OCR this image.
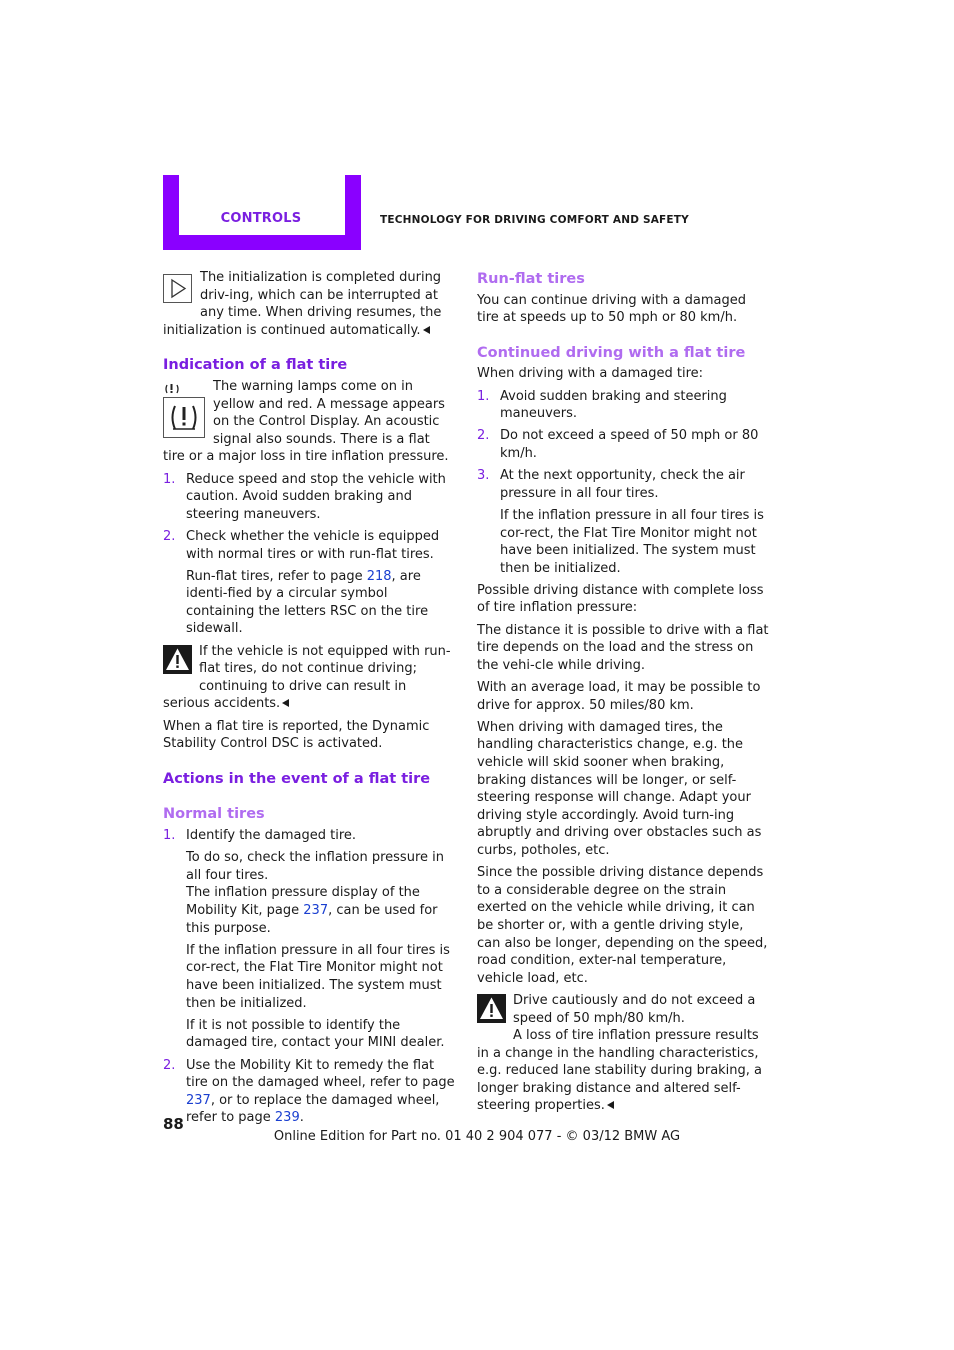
CONTROLS	TECHNOLOGY FOR DRIVING COMFORT AND SAFETY

The initialization is completed during driv-ing, which can be interrupted at any time. When driving resumes, the initialization is continued automatically.

Indication of a flat tire

The warning lamps come on in yellow and red. A message appears on the Control Display. An acoustic signal also sounds. There is a flat tire or a major loss in tire inflation pressure.

1. Reduce speed and stop the vehicle with caution. Avoid sudden braking and steering maneuvers.
2. Check whether the vehicle is equipped with normal tires or with run-flat tires.

Run-flat tires, refer to page 218, are identi-fied by a circular symbol containing the letters RSC on the tire sidewall.

If the vehicle is not equipped with run-flat tires, do not continue driving; continuing to drive can result in serious accidents.

When a flat tire is reported, the Dynamic Stability Control DSC is activated.

Actions in the event of a flat tire
Normal tires
1. Identify the damaged tire.

To do so, check the inflation pressure in all four tires.

The inflation pressure display of the Mobility Kit, page 237, can be used for this purpose.

If the inflation pressure in all four tires is cor-rect, the Flat Tire Monitor might not have been initialized. The system must then be initialized.

If it is not possible to identify the damaged tire, contact your MINI dealer.

2. Use the Mobility Kit to remedy the flat tire on the damaged wheel, refer to page 237, or to replace the damaged wheel, refer to page 239.
Run-flat tires

You can continue driving with a damaged tire at speeds up to 50 mph or 80 km/h.

Continued driving with a flat tire

When driving with a damaged tire:

1. Avoid sudden braking and steering maneuvers.
2. Do not exceed a speed of 50 mph or 80 km/h.
3. At the next opportunity, check the air pressure in all four tires.

If the inflation pressure in all four tires is cor-rect, the Flat Tire Monitor might not have been initialized. The system must then be initialized.

Possible driving distance with complete loss of tire inflation pressure:

The distance it is possible to drive with a flat tire depends on the load and the stress on the vehi-cle while driving.

With an average load, it may be possible to drive for approx. 50 miles/80 km.

When driving with damaged tires, the handling characteristics change, e.g. the vehicle will skid sooner when braking, braking distances will be longer, or self-steering response will change. Adapt your driving style accordingly. Avoid turn-ing abruptly and driving over obstacles such as curbs, potholes, etc.

Since the possible driving distance depends to a considerable degree on the strain exerted on the vehicle while driving, it can be shorter or, with a gentle driving style, can also be longer, depending on the speed, road condition, exter-nal temperature, vehicle load, etc.

Drive cautiously and do not exceed a speed of 50 mph/80 km/h.

A loss of tire inflation pressure results in a change in the handling characteristics, e.g. reduced lane stability during braking, a longer braking distance and altered self-steering properties.

88
Online Edition for Part no. 01 40 2 904 077 - © 03/12 BMW AG
